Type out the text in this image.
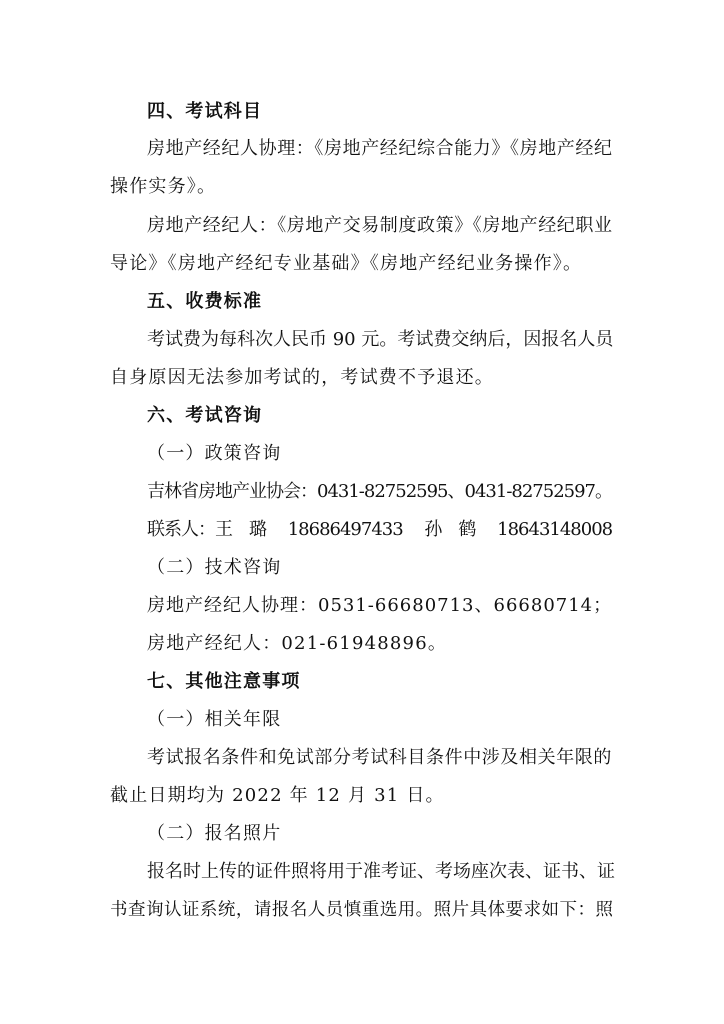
四、考试科目

房地产经纪人协理：《房地产经纪综合能力》《房地产经纪

操作实务》。

房地产经纪人：《房地产交易制度政策》《房地产经纪职业

导论》《房地产经纪专业基础》《房地产经纪业务操作》。

五、收费标准

考试费为每科次人民币 90 元。考试费交纳后，因报名人员

自身原因无法参加考试的，考试费不予退还。

六、考试咨询

（一）政策咨询

吉林省房地产业协会：0431-82752595、0431-82752597。

联系人：王　璐　 18686497433　 孙　鹤　 18643148008

（二）技术咨询

房地产经纪人协理：0531-66680713、66680714；

房地产经纪人：021-61948896。

七、其他注意事项

（一）相关年限

考试报名条件和免试部分考试科目条件中涉及相关年限的

截止日期均为 2022 年 12 月 31 日。

（二）报名照片

报名时上传的证件照将用于准考证、考场座次表、证书、证

书查询认证系统，请报名人员慎重选用。照片具体要求如下：照
